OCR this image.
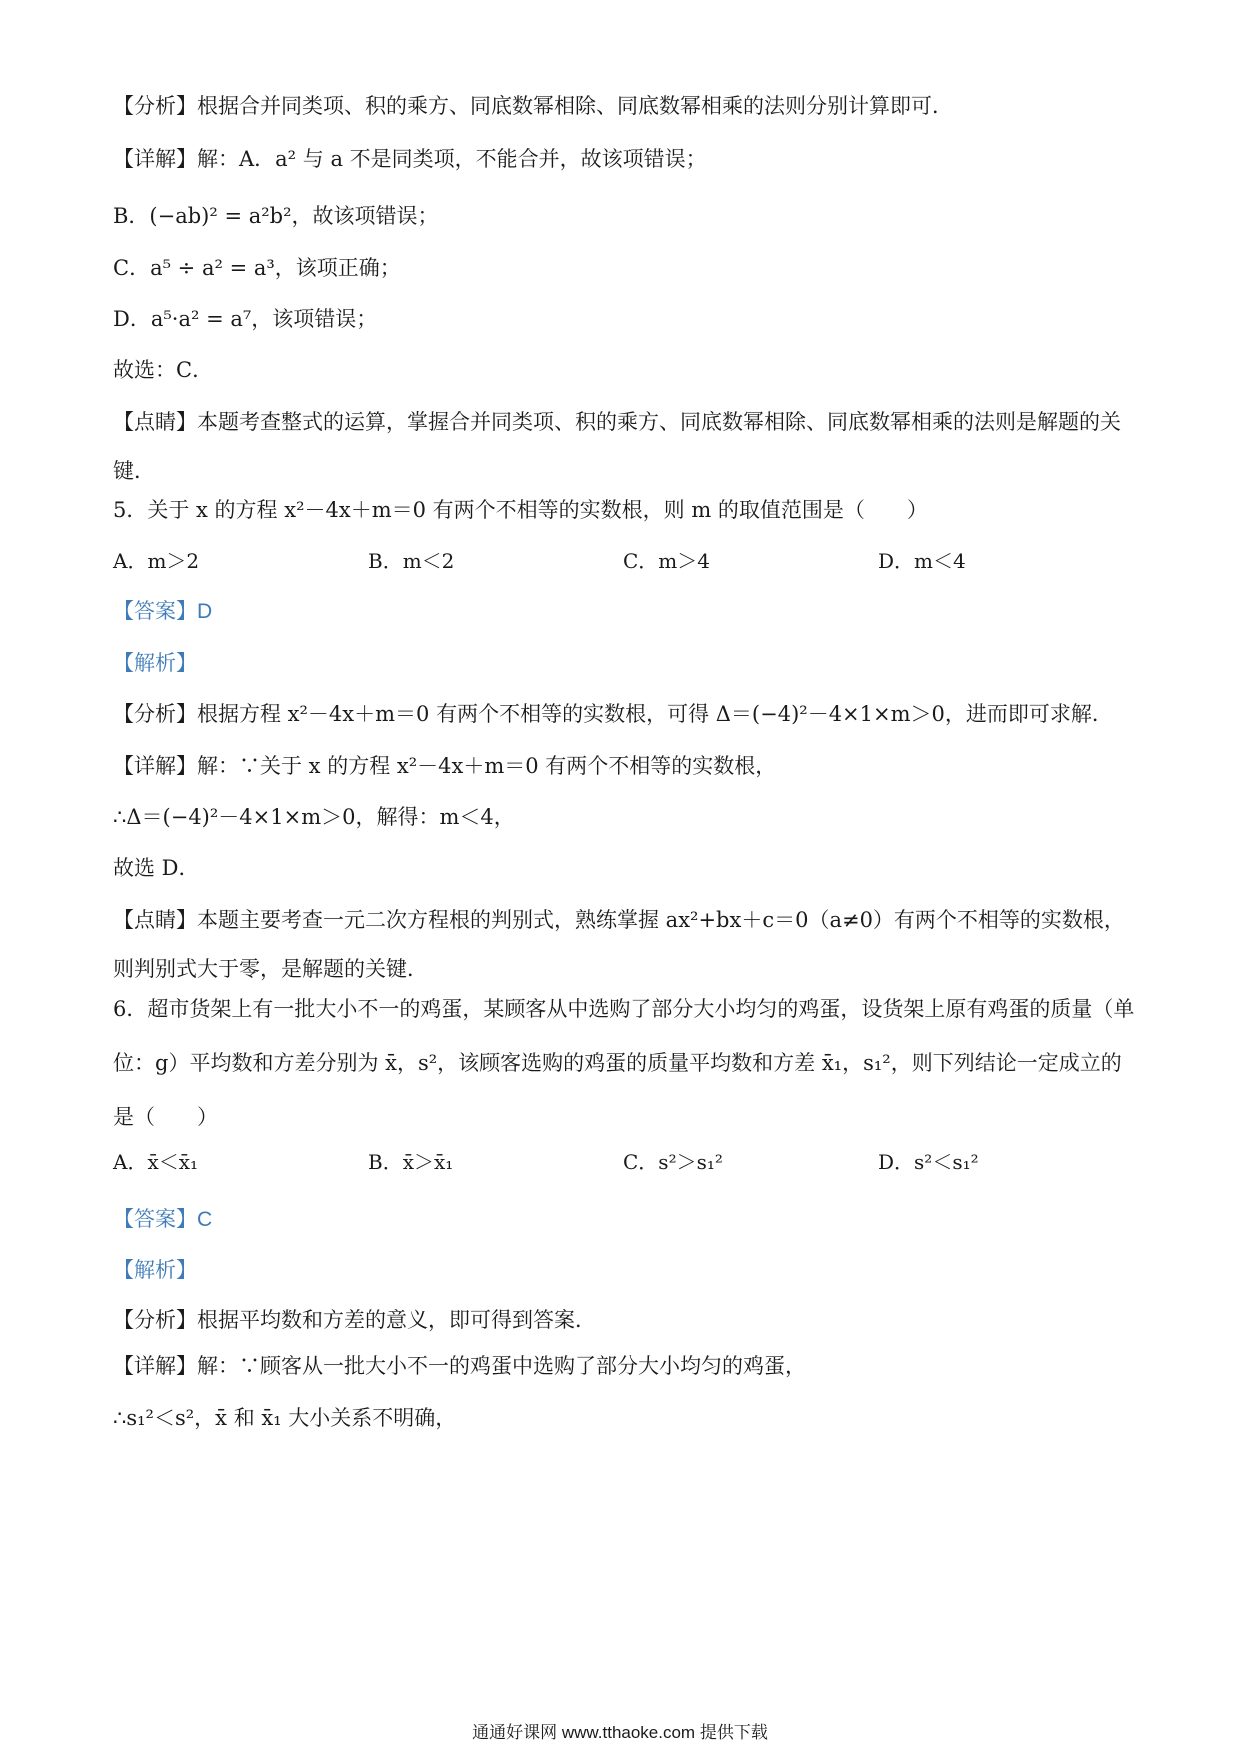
【分析】根据合并同类项、积的乘方、同底数幂相除、同底数幂相乘的法则分别计算即可．
【详解】解：A．a² 与 a 不是同类项，不能合并，故该项错误；
B．(−ab)² = a²b²，故该项错误；
C．a⁵ ÷ a² = a³，该项正确；
D．a⁵·a² = a⁷，该项错误；
故选：C．
【点睛】本题考查整式的运算，掌握合并同类项、积的乘方、同底数幂相除、同底数幂相乘的法则是解题的关键．
5．关于 x 的方程 x²－4x＋m＝0 有两个不相等的实数根，则 m 的取值范围是（　　）
A．m＞2	B．m＜2	C．m＞4	D．m＜4
【答案】D
【解析】
【分析】根据方程 x²－4x＋m＝0 有两个不相等的实数根，可得 Δ＝(−4)²－4×1×m＞0，进而即可求解．
【详解】解：∵关于 x 的方程 x²－4x＋m＝0 有两个不相等的实数根，
∴Δ＝(−4)²－4×1×m＞0，解得：m＜4，
故选 D．
【点睛】本题主要考查一元二次方程根的判别式，熟练掌握 ax²+bx＋c＝0（a≠0）有两个不相等的实数根，则判别式大于零，是解题的关键．
6．超市货架上有一批大小不一的鸡蛋，某顾客从中选购了部分大小均匀的鸡蛋，设货架上原有鸡蛋的质量（单位：g）平均数和方差分别为 x̄，s²，该顾客选购的鸡蛋的质量平均数和方差 x̄₁，s₁²，则下列结论一定成立的是（　　）
A．x̄＜x̄₁	B．x̄＞x̄₁	C．s²＞s₁²	D．s²＜s₁²
【答案】C
【解析】
【分析】根据平均数和方差的意义，即可得到答案．
【详解】解：∵顾客从一批大小不一的鸡蛋中选购了部分大小均匀的鸡蛋，
∴s₁²＜s²，x̄ 和 x̄₁ 大小关系不明确，
通通好课网 www.tthaoke.com 提供下载
